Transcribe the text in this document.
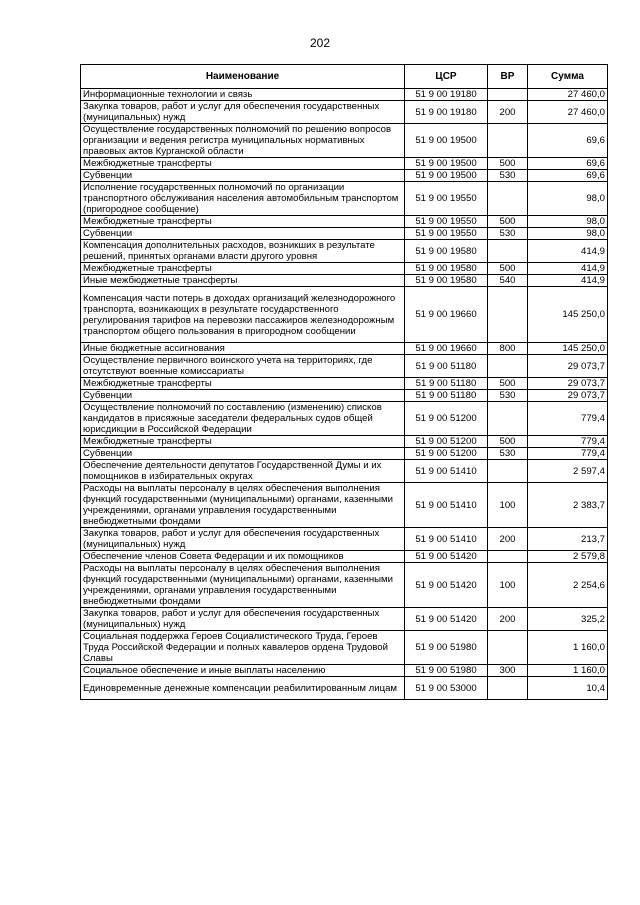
202
Наименование	ЦСР	ВР	Сумма
Информационные технологии и связь	51 9 00 19180		27 460,0
Закупка товаров, работ и услуг для обеспечения государственных (муниципальных) нужд	51 9 00 19180	200	27 460,0
Осуществление государственных полномочий по решению вопросов организации и ведения регистра муниципальных нормативных правовых актов Курганской области	51 9 00 19500		69,6
Межбюджетные трансферты	51 9 00 19500	500	69,6
Субвенции	51 9 00 19500	530	69,6
Исполнение государственных полномочий по организации транспортного обслуживания населения автомобильным транспортом (пригородное сообщение)	51 9 00 19550		98,0
Межбюджетные трансферты	51 9 00 19550	500	98,0
Субвенции	51 9 00 19550	530	98,0
Компенсация дополнительных расходов, возникших в результате решений, принятых органами власти другого уровня	51 9 00 19580		414,9
Межбюджетные трансферты	51 9 00 19580	500	414,9
Иные межбюджетные трансферты	51 9 00 19580	540	414,9
Компенсация части потерь в доходах организаций железнодорожного транспорта, возникающих в результате государственного регулирования тарифов на перевозки пассажиров железнодорожным транспортом общего пользования в пригородном сообщении	51 9 00 19660		145 250,0
Иные бюджетные ассигнования	51 9 00 19660	800	145 250,0
Осуществление первичного воинского учета на территориях, где отсутствуют военные комиссариаты	51 9 00 51180		29 073,7
Межбюджетные трансферты	51 9 00 51180	500	29 073,7
Субвенции	51 9 00 51180	530	29 073,7
Осуществление полномочий по составлению (изменению) списков кандидатов в присяжные заседатели федеральных судов общей юрисдикции в Российской Федерации	51 9 00 51200		779,4
Межбюджетные трансферты	51 9 00 51200	500	779,4
Субвенции	51 9 00 51200	530	779,4
Обеспечение деятельности депутатов Государственной Думы и их помощников в избирательных округах	51 9 00 51410		2 597,4
Расходы на выплаты персоналу в целях обеспечения выполнения функций государственными (муниципальными) органами, казенными учреждениями, органами управления государственными внебюджетными фондами	51 9 00 51410	100	2 383,7
Закупка товаров, работ и услуг для обеспечения государственных (муниципальных) нужд	51 9 00 51410	200	213,7
Обеспечение членов Совета Федерации и их помощников	51 9 00 51420		2 579,8
Расходы на выплаты персоналу в целях обеспечения выполнения функций государственными (муниципальными) органами, казенными учреждениями, органами управления государственными внебюджетными фондами	51 9 00 51420	100	2 254,6
Закупка товаров, работ и услуг для обеспечения государственных (муниципальных) нужд	51 9 00 51420	200	325,2
Социальная поддержка Героев Социалистического Труда, Героев Труда Российской Федерации и полных кавалеров ордена Трудовой Славы	51 9 00 51980		1 160,0
Социальное обеспечение и иные выплаты населению	51 9 00 51980	300	1 160,0
Единовременные денежные компенсации реабилитированным лицам	51 9 00 53000		10,4
